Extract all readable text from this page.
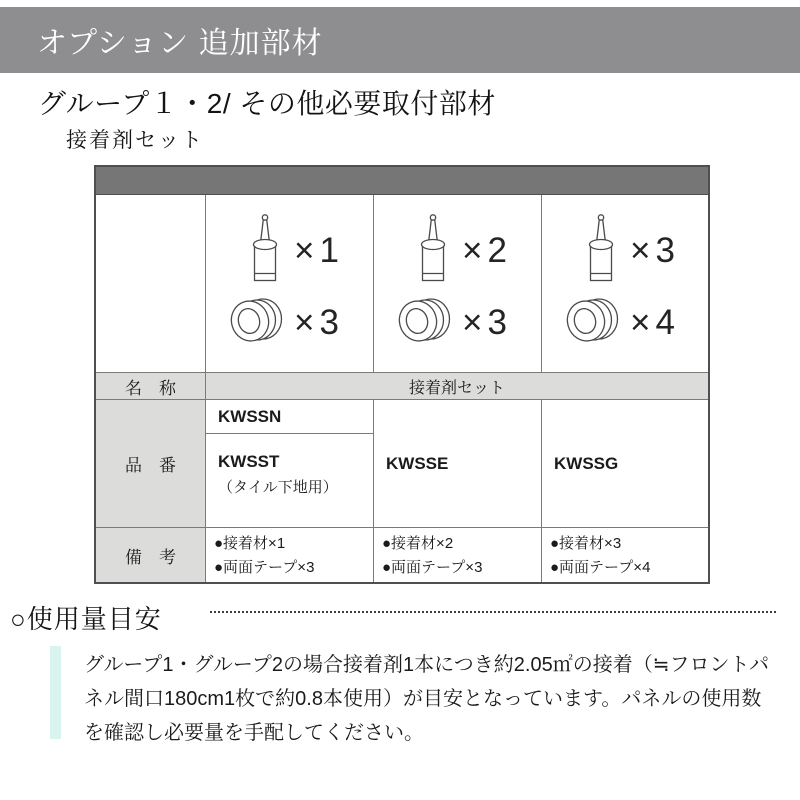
オプション 追加部材
グループ１・2/ その他必要取付部材
接着剤セット
×1
×3
×2
×3
×3
×4
名　称	接着剤セット
品　番
KWSSN
KWSST
（タイル下地用）
KWSSE	KWSSG
備　考
●接着材×1
●両面テープ×3
●接着材×2
●両面テープ×3
●接着材×3
●両面テープ×4
○使用量目安
グループ1・グループ2の場合接着剤1本につき約2.05㎡の接着（≒フロントパネル間口180cm1枚で約0.8本使用）が目安となっています。パネルの使用数を確認し必要量を手配してください。
